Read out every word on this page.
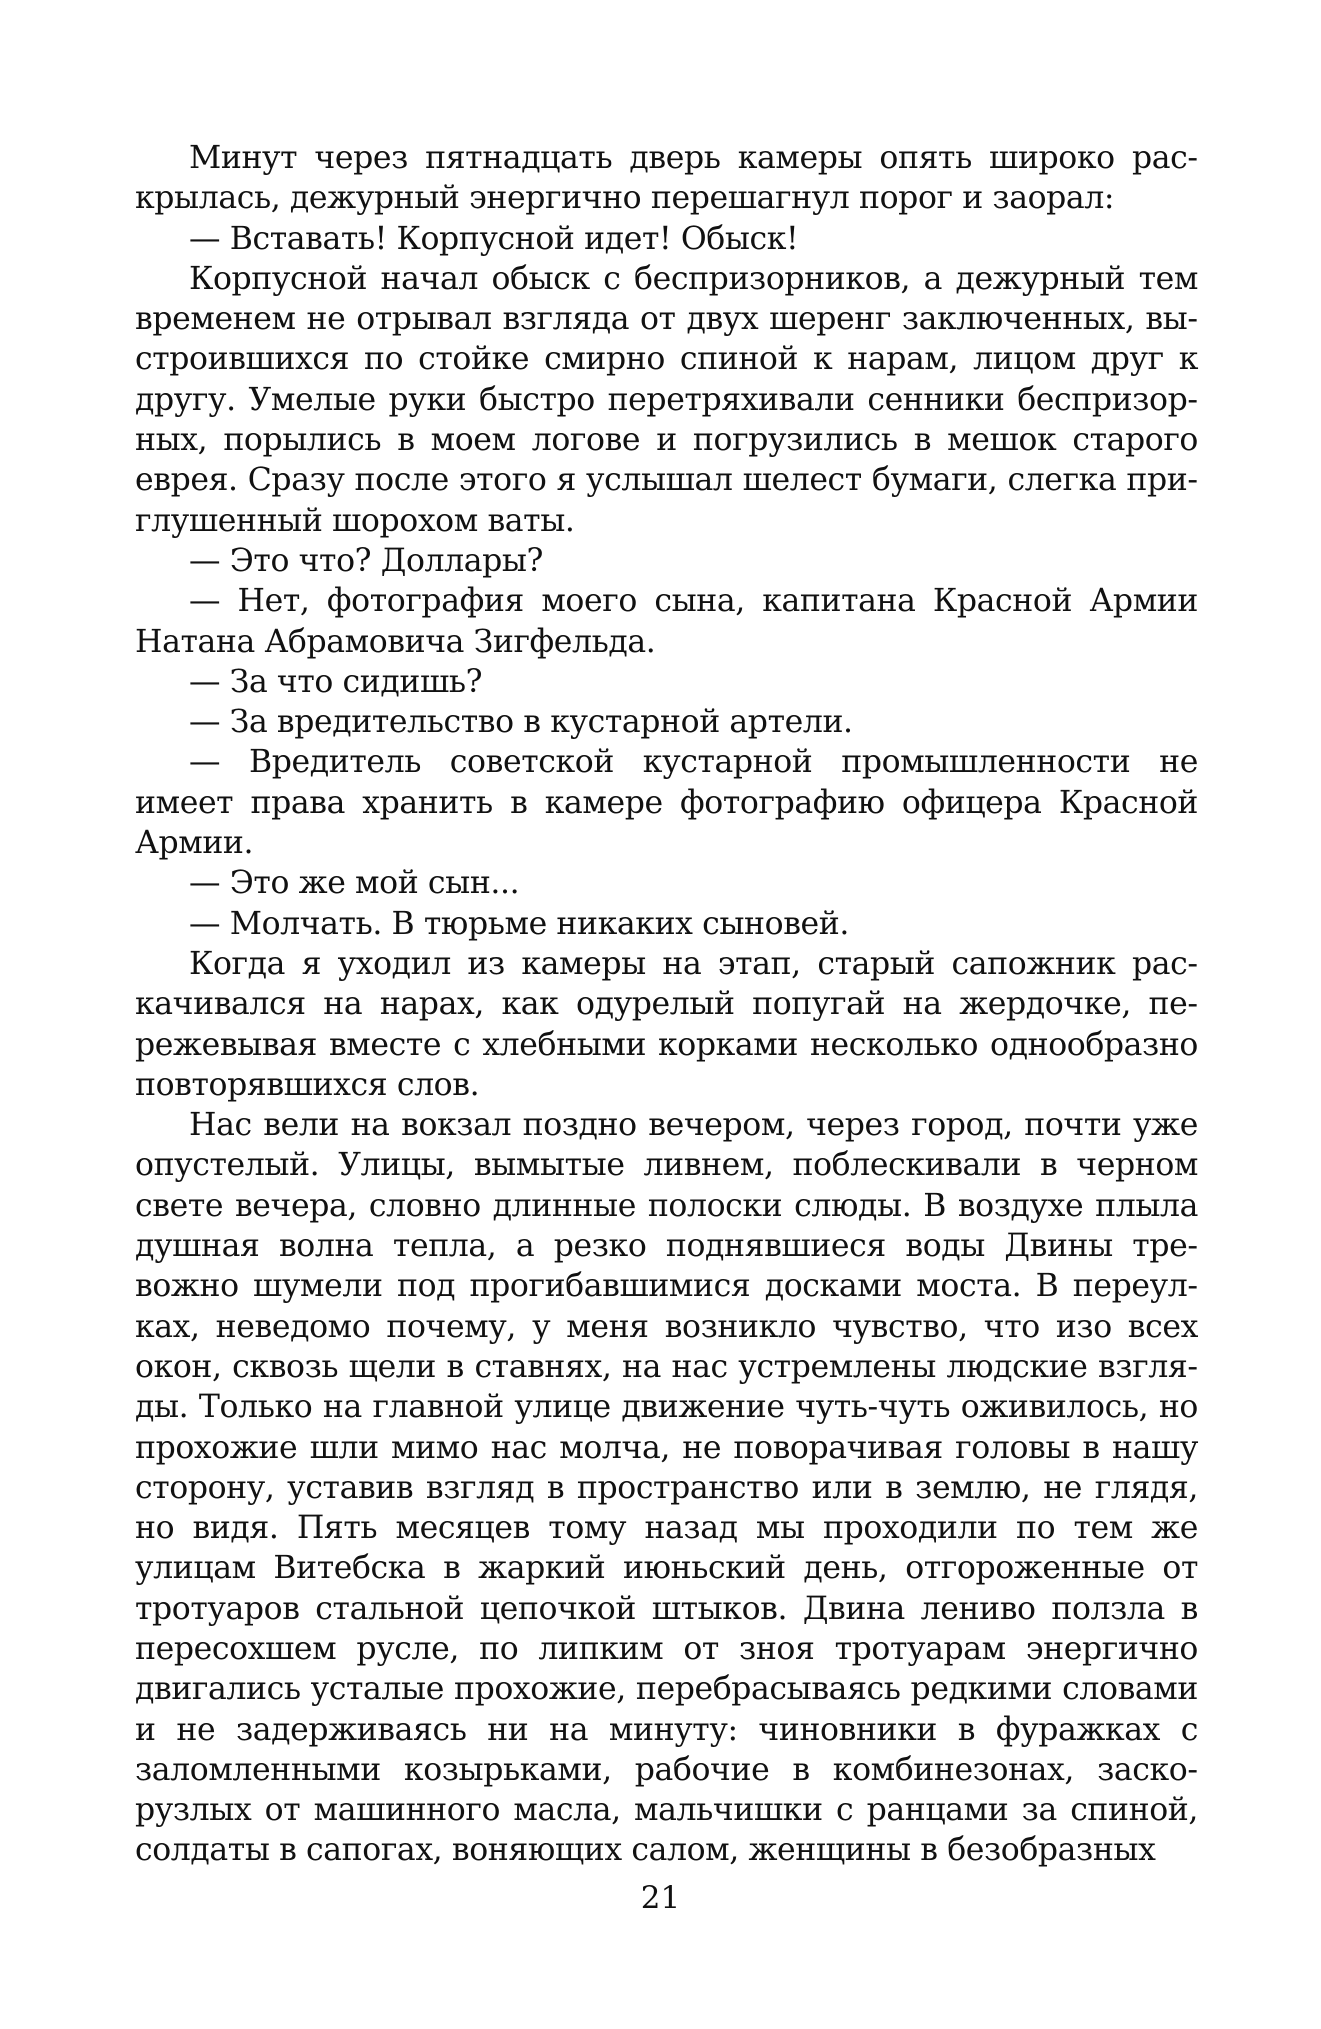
Минут через пятнадцать дверь камеры опять широко раскрылась, дежурный энергично перешагнул порог и заорал:

— Вставать! Корпусной идет! Обыск!

Корпусной начал обыск с беспризорников, а дежурный тем временем не отрывал взгляда от двух шеренг заключенных, выстроившихся по стойке смирно спиной к нарам, лицом друг к другу. Умелые руки быстро перетряхивали сенники беспризорных, порылись в моем логове и погрузились в мешок старого еврея. Сразу после этого я услышал шелест бумаги, слегка приглушенный шорохом ваты.

— Это что? Доллары?

— Нет, фотография моего сына, капитана Красной Армии Натана Абрамовича Зигфельда.

— За что сидишь?

— За вредительство в кустарной артели.

— Вредитель советской кустарной промышленности не имеет права хранить в камере фотографию офицера Красной Армии.

— Это же мой сын...

— Молчать. В тюрьме никаких сыновей.

Когда я уходил из камеры на этап, старый сапожник раскачивался на нарах, как одурелый попугай на жердочке, пережевывая вместе с хлебными корками несколько однообразно повторявшихся слов.

Нас вели на вокзал поздно вечером, через город, почти уже опустелый. Улицы, вымытые ливнем, поблескивали в черном свете вечера, словно длинные полоски слюды. В воздухе плыла душная волна тепла, а резко поднявшиеся воды Двины тревожно шумели под прогибавшимися досками моста. В переулках, неведомо почему, у меня возникло чувство, что изо всех окон, сквозь щели в ставнях, на нас устремлены людские взгляды. Только на главной улице движение чуть-чуть оживилось, но прохожие шли мимо нас молча, не поворачивая головы в нашу сторону, уставив взгляд в пространство или в землю, не глядя, но видя. Пять месяцев тому назад мы проходили по тем же улицам Витебска в жаркий июньский день, отгороженные от тротуаров стальной цепочкой штыков. Двина лениво ползла в пересохшем русле, по липким от зноя тротуарам энергично двигались усталые прохожие, перебрасываясь редкими словами и не задерживаясь ни на минуту: чиновники в фуражках с заломленными козырьками, рабочие в комбинезонах, заскорузлых от машинного масла, мальчишки с ранцами за спиной, солдаты в сапогах, воняющих салом, женщины в безобразных

21
